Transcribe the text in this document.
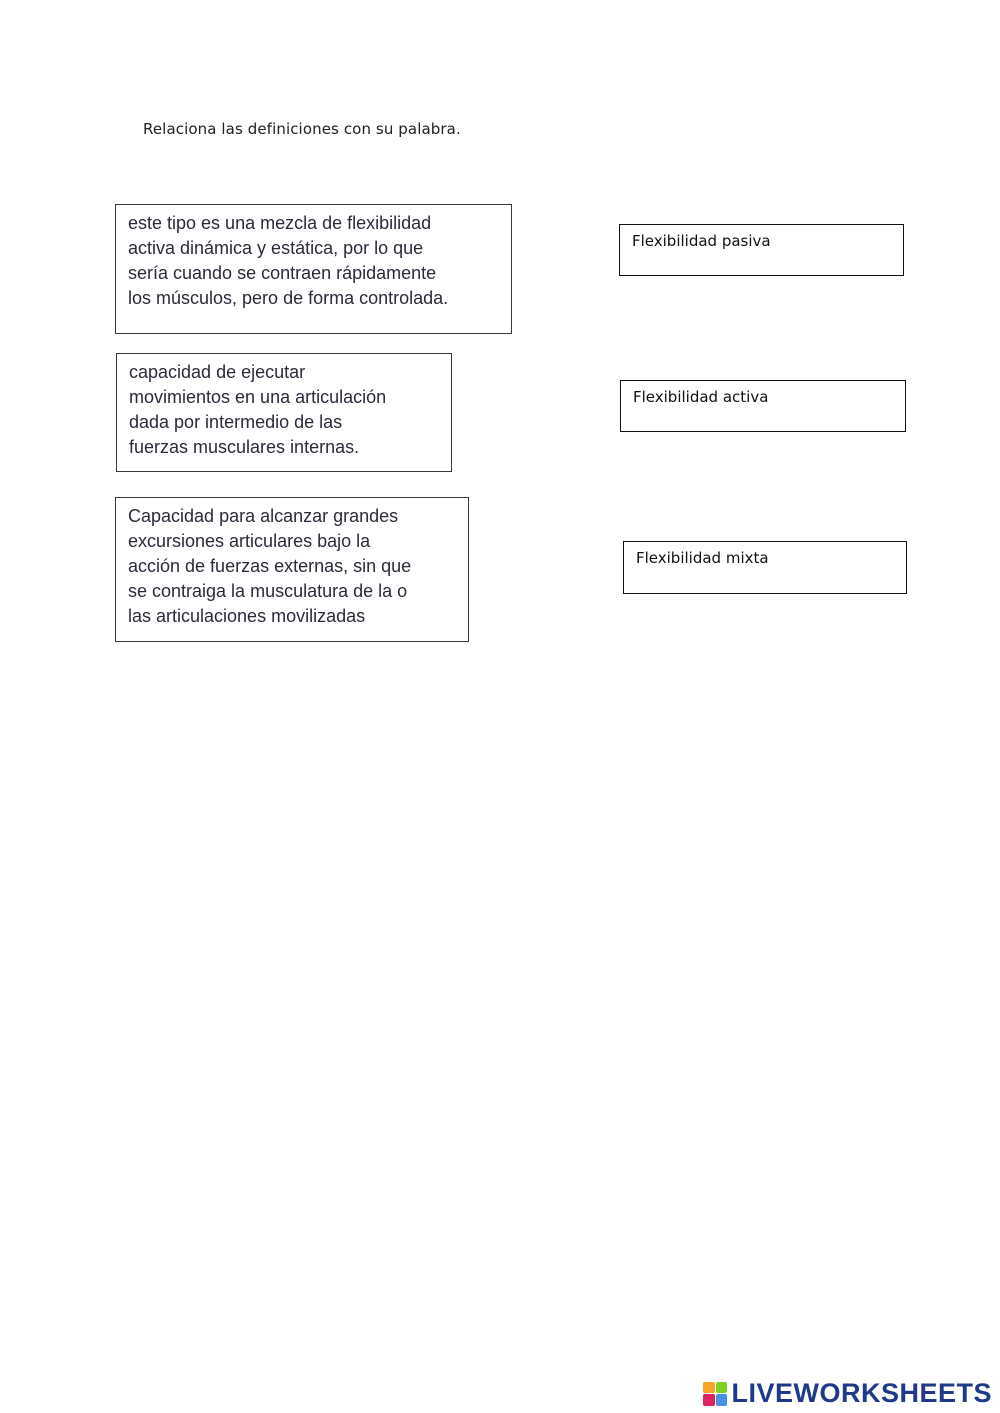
Relaciona las definiciones con su palabra.
este tipo es una mezcla de flexibilidad
activa dinámica y estática, por lo que
sería cuando se contraen rápidamente
los músculos, pero de forma controlada.
capacidad de ejecutar
movimientos en una articulación
dada por intermedio de las
fuerzas musculares internas.
Capacidad para alcanzar grandes
excursiones articulares bajo la
acción de fuerzas externas, sin que
se contraiga la musculatura de la o
las articulaciones movilizadas
Flexibilidad pasiva
Flexibilidad activa
Flexibilidad mixta
LIVEWORKSHEETS
